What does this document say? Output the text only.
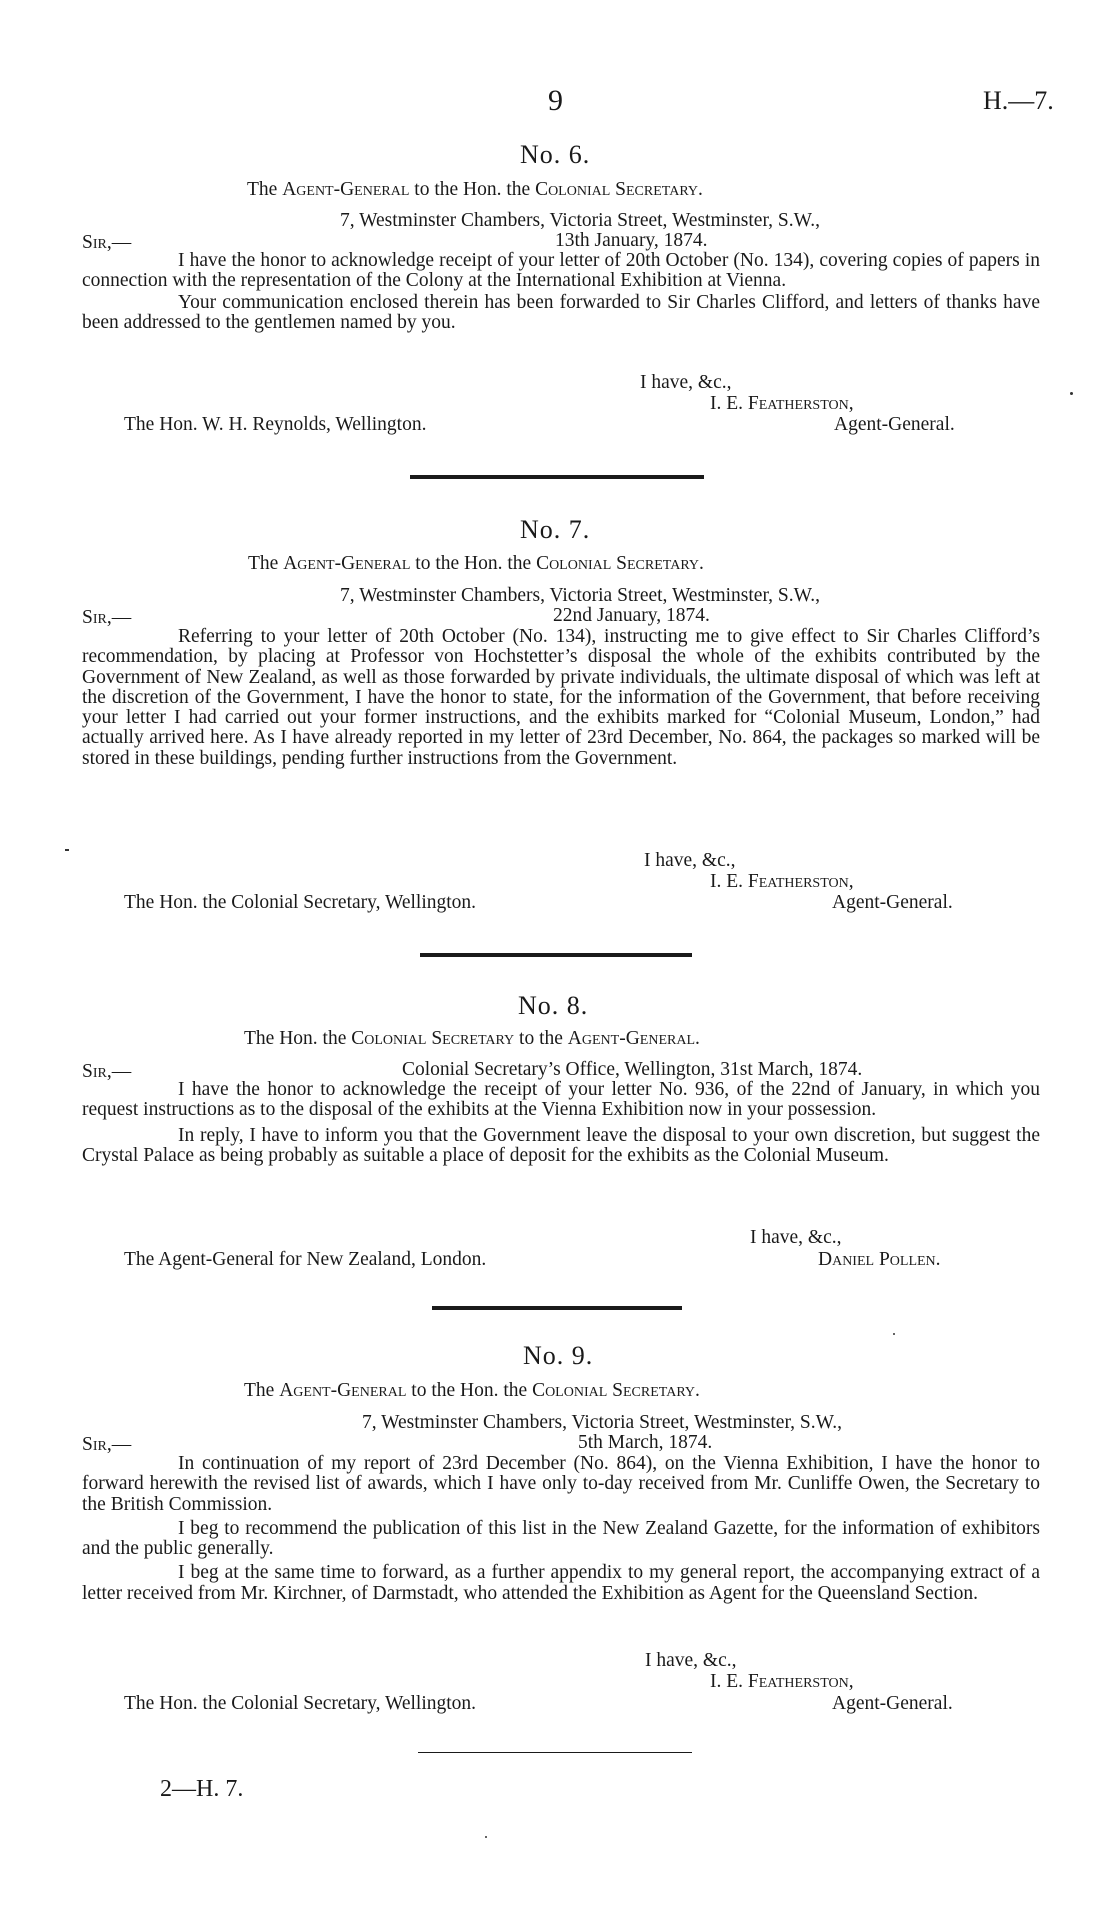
9	H.—7.
No. 6.
The Agent-General to the Hon. the Colonial Secretary.
7, Westminster Chambers, Victoria Street, Westminster, S.W.,
Sir,—	13th January, 1874.

I have the honor to acknowledge receipt of your letter of 20th October (No. 134), covering copies of papers in connection with the representation of the Colony at the International Exhibition at Vienna.

Your communication enclosed therein has been forwarded to Sir Charles Clifford, and letters of thanks have been addressed to the gentlemen named by you.

I have, &c.,
I. E. Featherston,
The Hon. W. H. Reynolds, Wellington.	Agent-General.
No. 7.
The Agent-General to the Hon. the Colonial Secretary.
7, Westminster Chambers, Victoria Street, Westminster, S.W.,
Sir,—	22nd January, 1874.

Referring to your letter of 20th October (No. 134), instructing me to give effect to Sir Charles Clifford’s recommendation, by placing at Professor von Hochstetter’s disposal the whole of the exhibits contributed by the Government of New Zealand, as well as those forwarded by private individuals, the ultimate disposal of which was left at the discretion of the Government, I have the honor to state, for the information of the Government, that before receiving your letter I had carried out your former instructions, and the exhibits marked for “Colonial Museum, London,” had actually arrived here. As I have already reported in my letter of 23rd December, No. 864, the packages so marked will be stored in these buildings, pending further instructions from the Government.

I have, &c.,
I. E. Featherston,
The Hon. the Colonial Secretary, Wellington.	Agent-General.
No. 8.
The Hon. the Colonial Secretary to the Agent-General.
Sir,—	Colonial Secretary’s Office, Wellington, 31st March, 1874.

I have the honor to acknowledge the receipt of your letter No. 936, of the 22nd of January, in which you request instructions as to the disposal of the exhibits at the Vienna Exhibition now in your possession.

In reply, I have to inform you that the Government leave the disposal to your own discretion, but suggest the Crystal Palace as being probably as suitable a place of deposit for the exhibits as the Colonial Museum.

I have, &c.,
The Agent-General for New Zealand, London.	Daniel Pollen.
No. 9.
The Agent-General to the Hon. the Colonial Secretary.
7, Westminster Chambers, Victoria Street, Westminster, S.W.,
Sir,—	5th March, 1874.

In continuation of my report of 23rd December (No. 864), on the Vienna Exhibition, I have the honor to forward herewith the revised list of awards, which I have only to-day received from Mr. Cunliffe Owen, the Secretary to the British Commission.

I beg to recommend the publication of this list in the New Zealand Gazette, for the information of exhibitors and the public generally.

I beg at the same time to forward, as a further appendix to my general report, the accompanying extract of a letter received from Mr. Kirchner, of Darmstadt, who attended the Exhibition as Agent for the Queensland Section.

I have, &c.,
I. E. Featherston,
The Hon. the Colonial Secretary, Wellington.	Agent-General.
2—H. 7.
